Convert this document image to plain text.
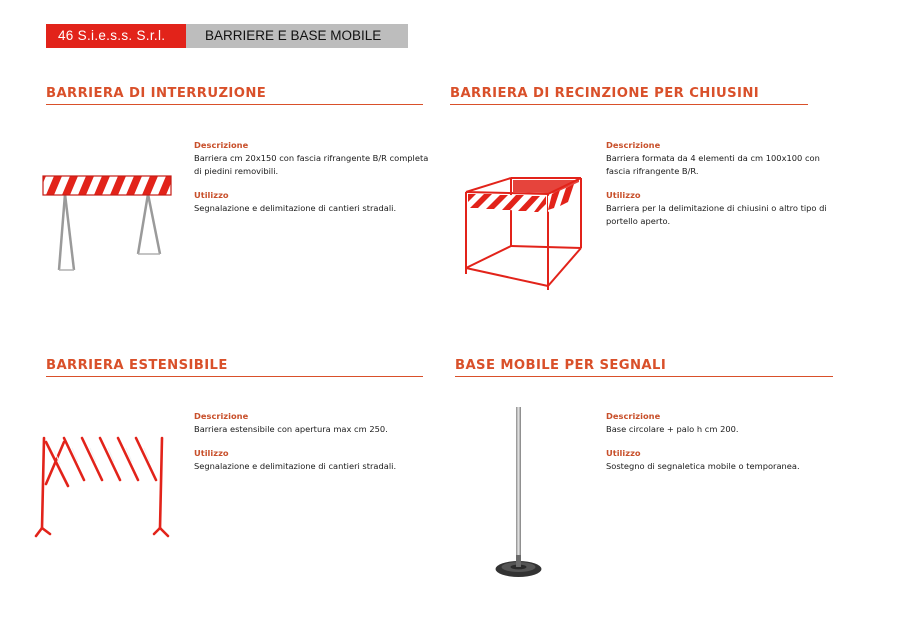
46 S.i.e.s.s. S.r.l.	BARRIERE E BASE MOBILE
BARRIERA DI INTERRUZIONE
Descrizione
Barriera cm 20x150 con fascia rifrangente B/R completa
di piedini removibili.
Utilizzo
Segnalazione e delimitazione di cantieri stradali.
BARRIERA DI RECINZIONE PER CHIUSINI
Descrizione
Barriera formata da 4 elementi da cm 100x100 con
fascia rifrangente B/R.
Utilizzo
Barriera per la delimitazione di chiusini o altro tipo di
portello aperto.
BARRIERA ESTENSIBILE
Descrizione
Barriera estensibile con apertura max cm 250.
Utilizzo
Segnalazione e delimitazione di cantieri stradali.
BASE MOBILE PER SEGNALI
Descrizione
Base circolare + palo h cm 200.
Utilizzo
Sostegno di segnaletica mobile o temporanea.
